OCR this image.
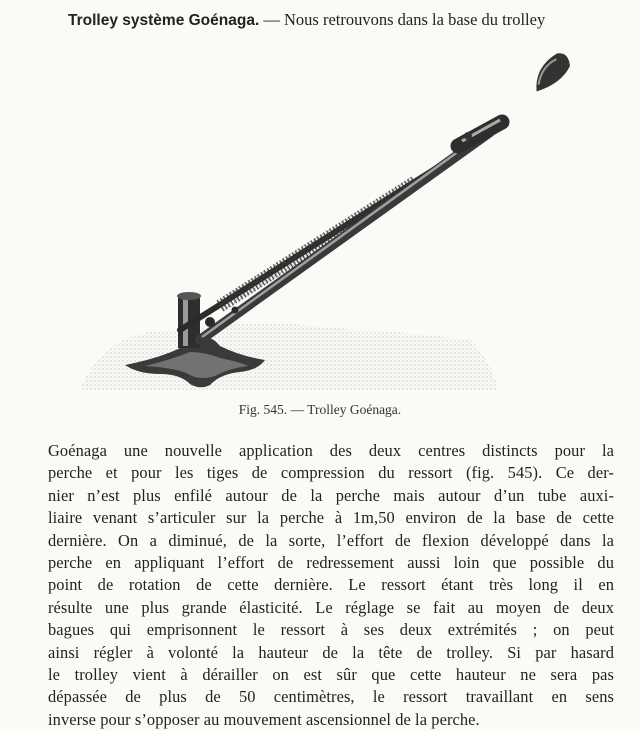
Trolley système Goénaga. — Nous retrouvons dans la base du trolley
Fig. 545. — Trolley Goénaga.
Goénaga une nouvelle application des deux centres distincts pour la
perche et pour les tiges de compression du ressort (fig. 545). Ce der-
nier n’est plus enfilé autour de la perche mais autour d’un tube auxi-
liaire venant s’articuler sur la perche à 1m,50 environ de la base de cette
dernière. On a diminué, de la sorte, l’effort de flexion développé dans la
perche en appliquant l’effort de redressement aussi loin que possible du
point de rotation de cette dernière. Le ressort étant très long il en
résulte une plus grande élasticité. Le réglage se fait au moyen de deux
bagues qui emprisonnent le ressort à ses deux extrémités ; on peut
ainsi régler à volonté la hauteur de la tête de trolley. Si par hasard
le trolley vient à dérailler on est sûr que cette hauteur ne sera pas
dépassée de plus de 50 centimètres, le ressort travaillant en sens
inverse pour s’opposer au mouvement ascensionnel de la perche.
